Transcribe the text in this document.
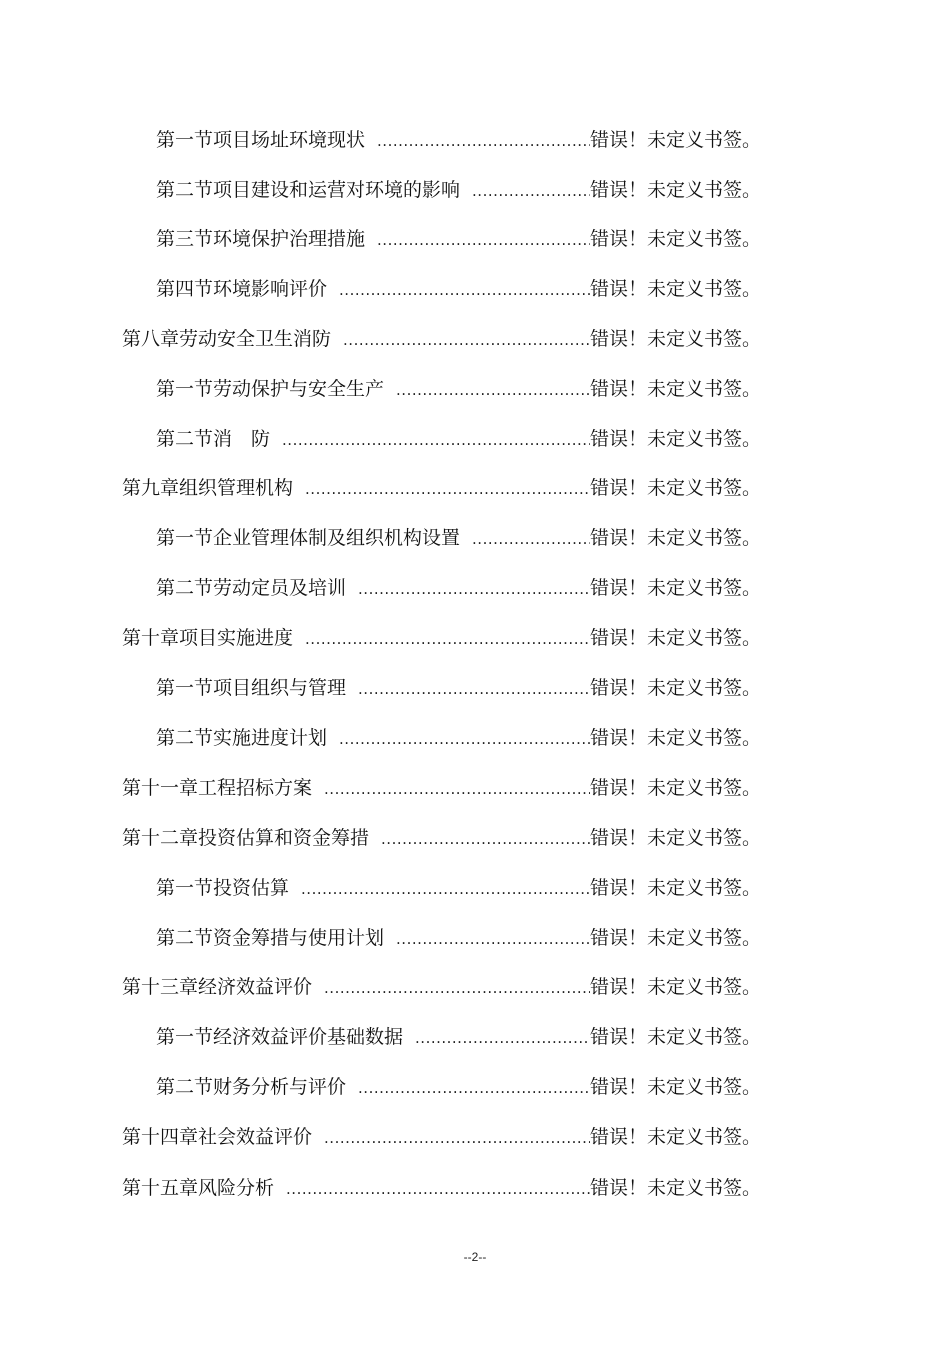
第一节 项目场址环境现状 .....	错误！未定义书签。
第二节 项目建设和运营对环境的影响 .....	错误！未定义书签。
第三节 环境保护治理措施 .....	错误！未定义书签。
第四节 环境影响评价 .....	错误！未定义书签。
第八章 劳动安全卫生消防 .....	错误！未定义书签。
第一节 劳动保护与安全生产 .....	错误！未定义书签。
第二节 消　防 .....	错误！未定义书签。
第九章 组织管理机构 .....	错误！未定义书签。
第一节 企业管理体制及组织机构设置 .....	错误！未定义书签。
第二节 劳动定员及培训 .....	错误！未定义书签。
第十章 项目实施进度 .....	错误！未定义书签。
第一节 项目组织与管理 .....	错误！未定义书签。
第二节 实施进度计划 .....	错误！未定义书签。
第十一章 工程招标方案 .....	错误！未定义书签。
第十二章 投资估算和资金筹措 .....	错误！未定义书签。
第一节 投资估算 .....	错误！未定义书签。
第二节 资金筹措与使用计划 .....	错误！未定义书签。
第十三章 经济效益评价 .....	错误！未定义书签。
第一节 经济效益评价基础数据 .....	错误！未定义书签。
第二节 财务分析与评价 .....	错误！未定义书签。
第十四章 社会效益评价 .....	错误！未定义书签。
第十五章 风险分析 .....	错误！未定义书签。
--2--
